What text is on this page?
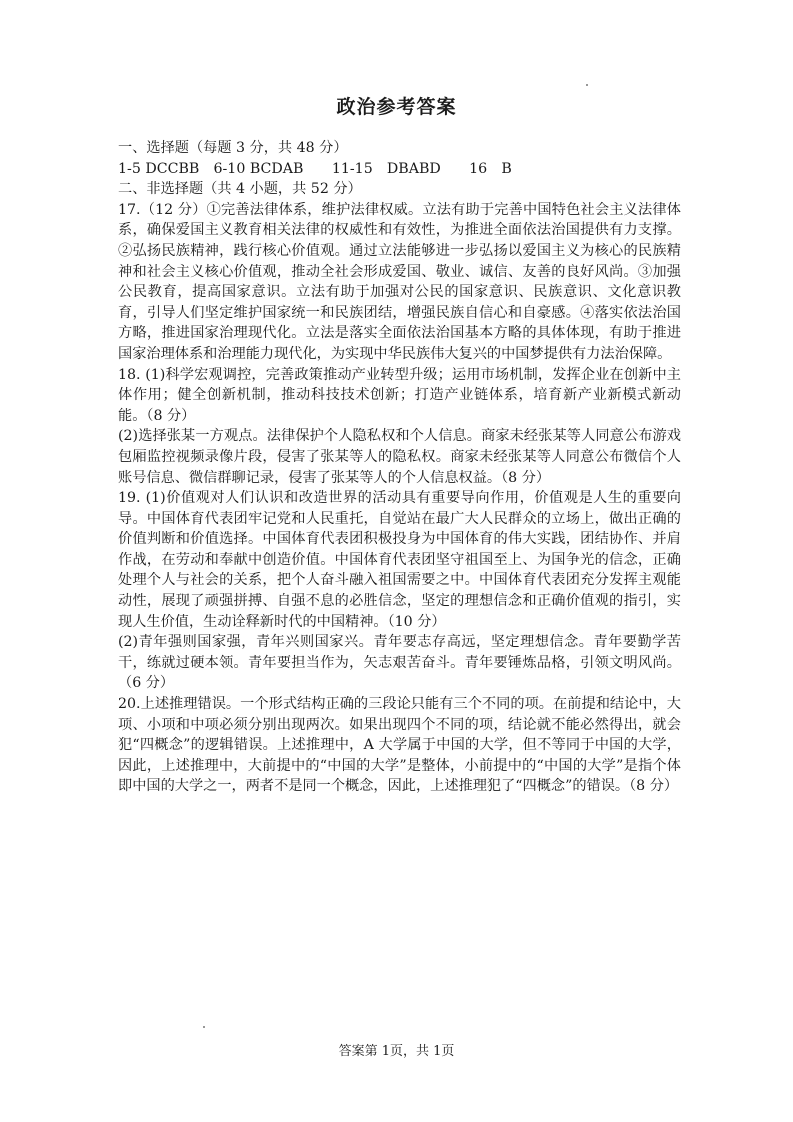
政治参考答案

一、选择题（每题 3 分，共 48 分）

1-5 DCCBB　6-10 BCDAB　　11-15　DBABD　　16　B

二、非选择题（共 4 小题，共 52 分）

17.（12 分）①完善法律体系，维护法律权威。立法有助于完善中国特色社会主义法律体系，确保爱国主义教育相关法律的权威性和有效性，为推进全面依法治国提供有力支撑。②弘扬民族精神，践行核心价值观。通过立法能够进一步弘扬以爱国主义为核心的民族精神和社会主义核心价值观，推动全社会形成爱国、敬业、诚信、友善的良好风尚。③加强公民教育，提高国家意识。立法有助于加强对公民的国家意识、民族意识、文化意识教育，引导人们坚定维护国家统一和民族团结，增强民族自信心和自豪感。④落实依法治国方略，推进国家治理现代化。立法是落实全面依法治国基本方略的具体体现，有助于推进国家治理体系和治理能力现代化，为实现中华民族伟大复兴的中国梦提供有力法治保障。

18. (1)科学宏观调控，完善政策推动产业转型升级；运用市场机制，发挥企业在创新中主体作用；健全创新机制，推动科技技术创新；打造产业链体系，培育新产业新模式新动能。（8 分）

(2)选择张某一方观点。法律保护个人隐私权和个人信息。商家未经张某等人同意公布游戏包厢监控视频录像片段，侵害了张某等人的隐私权。商家未经张某等人同意公布微信个人账号信息、微信群聊记录，侵害了张某等人的个人信息权益。（8 分）

19. (1)价值观对人们认识和改造世界的活动具有重要导向作用，价值观是人生的重要向导。中国体育代表团牢记党和人民重托，自觉站在最广大人民群众的立场上，做出正确的价值判断和价值选择。中国体育代表团积极投身为中国体育的伟大实践，团结协作、并肩作战，在劳动和奉献中创造价值。中国体育代表团坚守祖国至上、为国争光的信念，正确处理个人与社会的关系，把个人奋斗融入祖国需要之中。中国体育代表团充分发挥主观能动性，展现了顽强拼搏、自强不息的必胜信念，坚定的理想信念和正确价值观的指引，实现人生价值，生动诠释新时代的中国精神。（10 分）

(2)青年强则国家强，青年兴则国家兴。青年要志存高远，坚定理想信念。青年要勤学苦干，练就过硬本领。青年要担当作为，矢志艰苦奋斗。青年要锤炼品格，引领文明风尚。（6 分）

20.上述推理错误。一个形式结构正确的三段论只能有三个不同的项。在前提和结论中，大项、小项和中项必须分别出现两次。如果出现四个不同的项，结论就不能必然得出，就会犯“四概念”的逻辑错误。上述推理中，A 大学属于中国的大学，但不等同于中国的大学，因此，上述推理中，大前提中的“中国的大学”是整体，小前提中的“中国的大学”是指个体即中国的大学之一，两者不是同一个概念，因此，上述推理犯了“四概念”的错误。（8 分）

答案第 1页，共 1页
